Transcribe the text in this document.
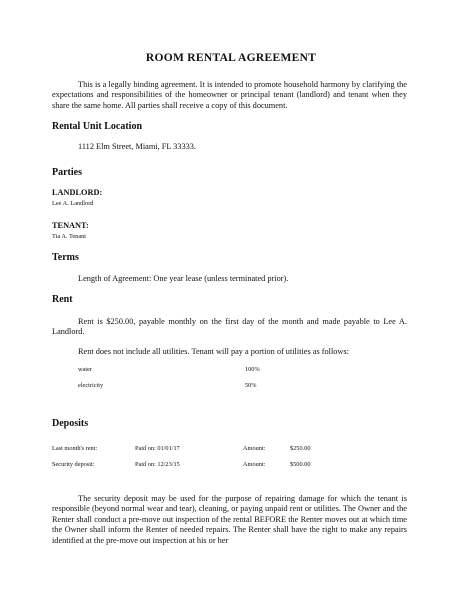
ROOM RENTAL AGREEMENT
This is a legally binding agreement. It is intended to promote household harmony by clarifying the expectations and responsibilities of the homeowner or principal tenant (landlord) and tenant when they share the same home. All parties shall receive a copy of this document.
Rental Unit Location
1112 Elm Street, Miami, FL 33333.
Parties
LANDLORD:
Lee A. Landlord
TENANT:
Tia A. Tenant
Terms
Length of Agreement: One year lease (unless terminated prior).
Rent
Rent is $250.00, payable monthly on the first day of the month and made payable to Lee A. Landlord.
Rent does not include all utilities. Tenant will pay a portion of utilities as follows:
water	100%
electricity	50%
Deposits
Last month's rent:	Paid on: 01/01/17	Amount:	$250.00
Security deposit:	Paid on: 12/23/15	Amount:	$500.00
The security deposit may be used for the purpose of repairing damage for which the tenant is responsible (beyond normal wear and tear), cleaning, or paying unpaid rent or utilities. The Owner and the Renter shall conduct a pre-move out inspection of the rental BEFORE the Renter moves out at which time the Owner shall inform the Renter of needed repairs. The Renter shall have the right to make any repairs identified at the pre-move out inspection at his or her
